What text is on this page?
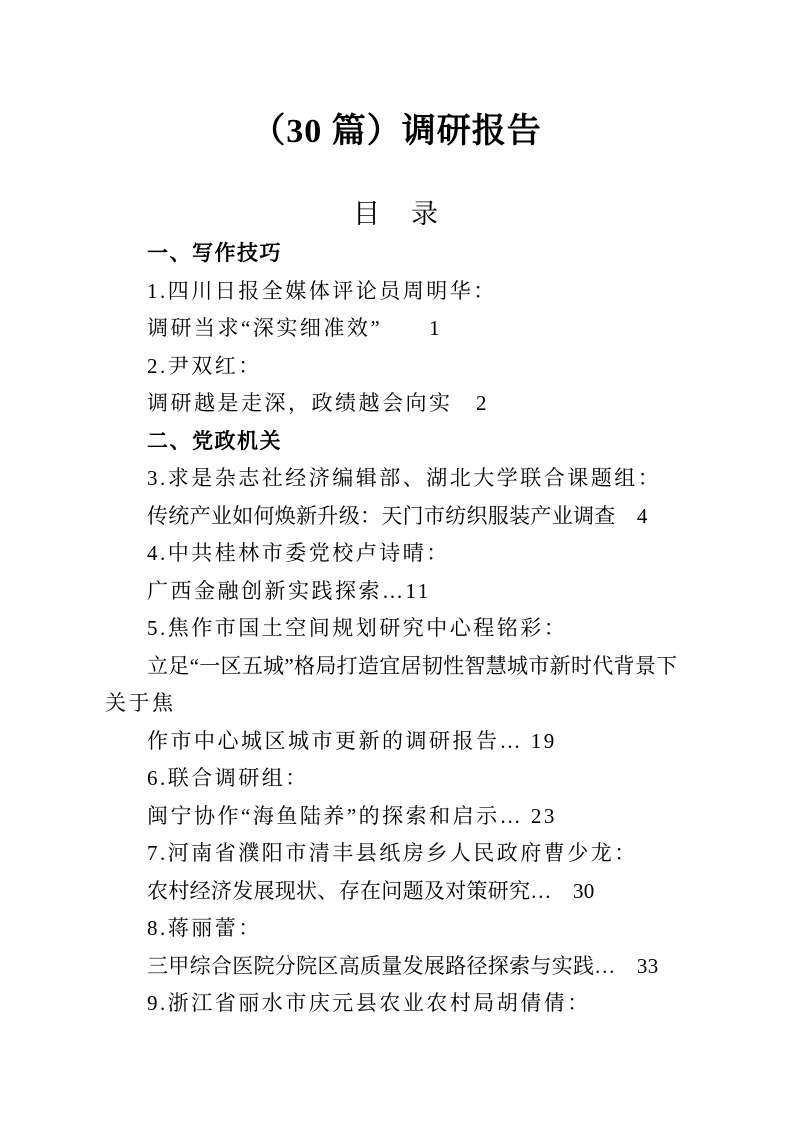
（30 篇）调研报告
目　录
一、写作技巧
1.四川日报全媒体评论员周明华：
调研当求“深实细准效”　　1
2.尹双红：
调研越是走深，政绩越会向实　2
二、党政机关
3.求是杂志社经济编辑部、湖北大学联合课题组：
传统产业如何焕新升级：天门市纺织服装产业调查　4
4.中共桂林市委党校卢诗晴：
广西金融创新实践探索…11
5.焦作市国土空间规划研究中心程铭彩：
立足“一区五城”格局打造宜居韧性智慧城市新时代背景下
关于焦
作市中心城区城市更新的调研报告… 19
6.联合调研组：
闽宁协作“海鱼陆养”的探索和启示… 23
7.河南省濮阳市清丰县纸房乡人民政府曹少龙：
农村经济发展现状、存在问题及对策研究…　30
8.蒋丽蕾：
三甲综合医院分院区高质量发展路径探索与实践…　33
9.浙江省丽水市庆元县农业农村局胡倩倩：
